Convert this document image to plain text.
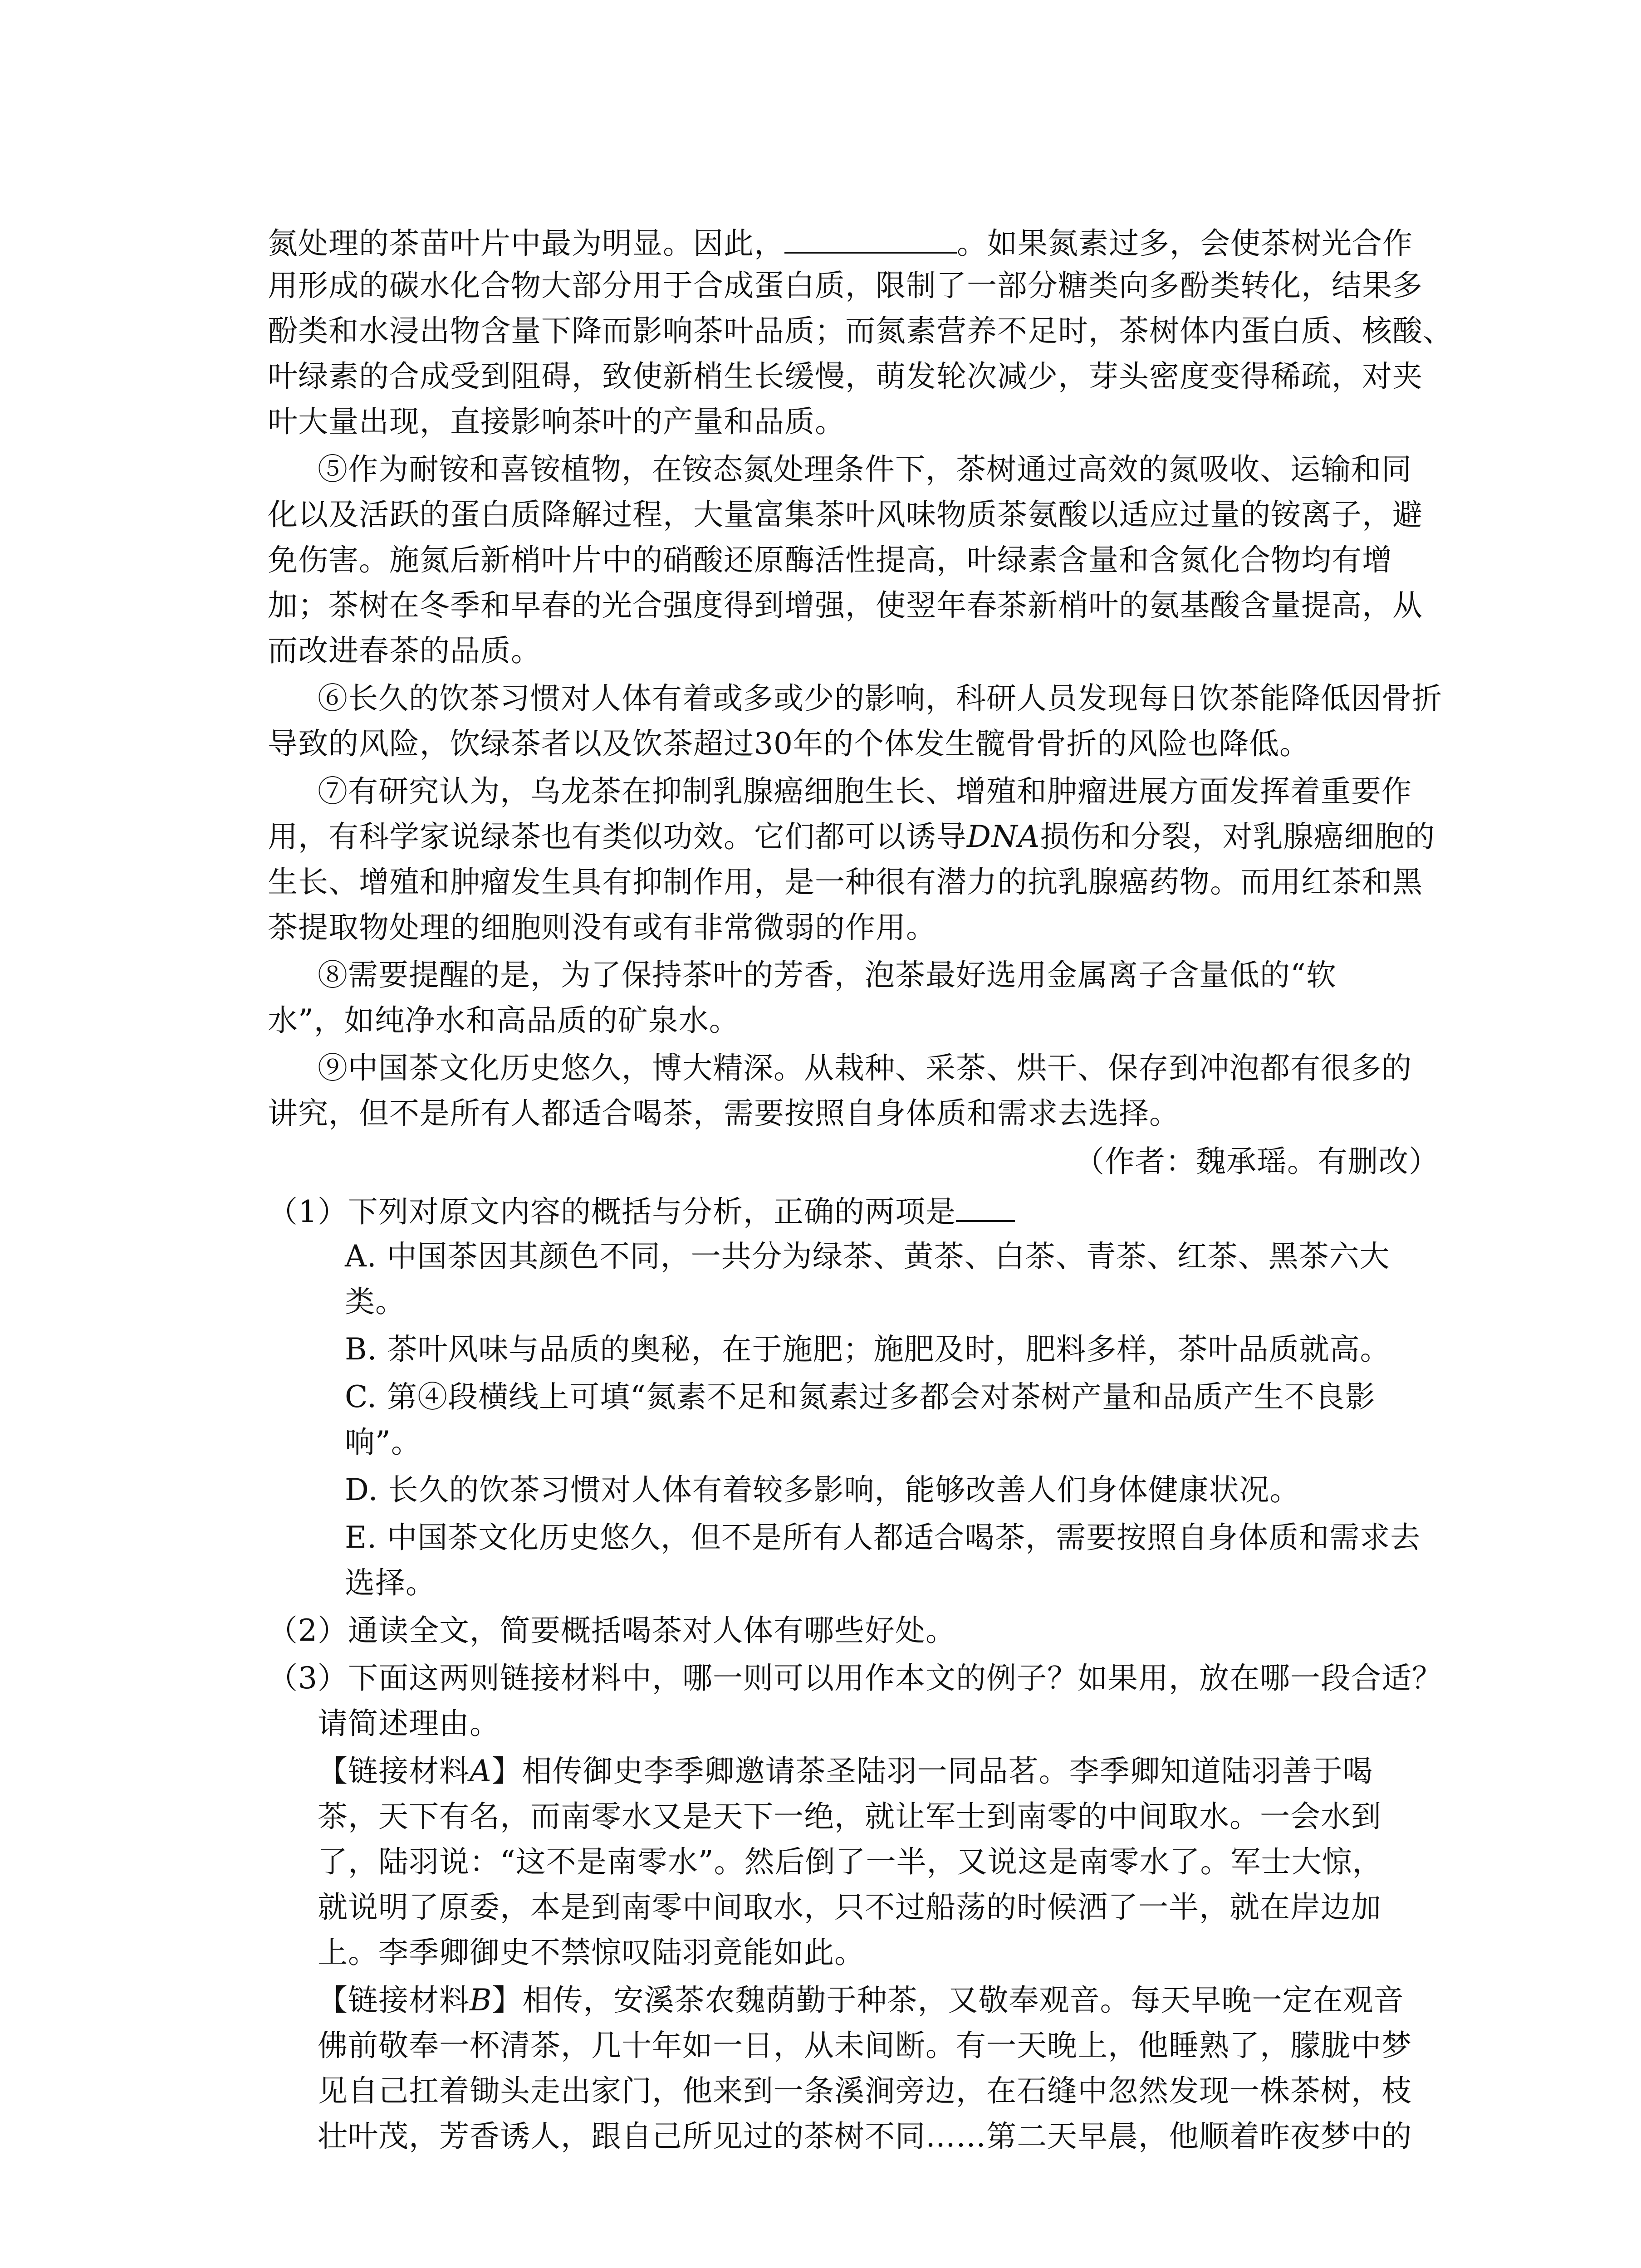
氮处理的茶苗叶片中最为明显。因此，	。如果氮素过多，会使茶树光合作
用形成的碳水化合物大部分用于合成蛋白质，限制了一部分糖类向多酚类转化，结果多
酚类和水浸出物含量下降而影响茶叶品质；而氮素营养不足时，茶树体内蛋白质、核酸、
叶绿素的合成受到阻碍，致使新梢生长缓慢，萌发轮次减少，芽头密度变得稀疏，对夹
叶大量出现，直接影响茶叶的产量和品质。
⑤作为耐铵和喜铵植物，在铵态氮处理条件下，茶树通过高效的氮吸收、运输和同
化以及活跃的蛋白质降解过程，大量富集茶叶风味物质茶氨酸以适应过量的铵离子，避
免伤害。施氮后新梢叶片中的硝酸还原酶活性提高，叶绿素含量和含氮化合物均有增
加；茶树在冬季和早春的光合强度得到增强，使翌年春茶新梢叶的氨基酸含量提高，从
而改进春茶的品质。
⑥长久的饮茶习惯对人体有着或多或少的影响，科研人员发现每日饮茶能降低因骨折
导致的风险，饮绿茶者以及饮茶超过30年的个体发生髋骨骨折的风险也降低。
⑦有研究认为，乌龙茶在抑制乳腺癌细胞生长、增殖和肿瘤进展方面发挥着重要作
用，有科学家说绿茶也有类似功效。它们都可以诱导DNA损伤和分裂，对乳腺癌细胞的
生长、增殖和肿瘤发生具有抑制作用，是一种很有潜力的抗乳腺癌药物。而用红茶和黑
茶提取物处理的细胞则没有或有非常微弱的作用。
⑧需要提醒的是，为了保持茶叶的芳香，泡茶最好选用金属离子含量低的“软
水”，如纯净水和高品质的矿泉水。
⑨中国茶文化历史悠久，博大精深。从栽种、采茶、烘干、保存到冲泡都有很多的
讲究，但不是所有人都适合喝茶，需要按照自身体质和需求去选择。
（作者：魏承瑶。有删改）
（1）下列对原文内容的概括与分析，正确的两项是
A. 中国茶因其颜色不同，一共分为绿茶、黄茶、白茶、青茶、红茶、黑茶六大
类。
B. 茶叶风味与品质的奥秘，在于施肥；施肥及时，肥料多样，茶叶品质就高。
C. 第④段横线上可填“氮素不足和氮素过多都会对茶树产量和品质产生不良影
响”。
D. 长久的饮茶习惯对人体有着较多影响，能够改善人们身体健康状况。
E. 中国茶文化历史悠久，但不是所有人都适合喝茶，需要按照自身体质和需求去
选择。
（2）通读全文，简要概括喝茶对人体有哪些好处。
（3）下面这两则链接材料中，哪一则可以用作本文的例子？如果用，放在哪一段合适？
请简述理由。
【链接材料A】相传御史李季卿邀请茶圣陆羽一同品茗。李季卿知道陆羽善于喝
茶，天下有名，而南零水又是天下一绝，就让军士到南零的中间取水。一会水到
了，陆羽说：“这不是南零水”。然后倒了一半，又说这是南零水了。军士大惊，
就说明了原委，本是到南零中间取水，只不过船荡的时候洒了一半，就在岸边加
上。李季卿御史不禁惊叹陆羽竟能如此。
【链接材料B】相传，安溪茶农魏荫勤于种茶，又敬奉观音。每天早晚一定在观音
佛前敬奉一杯清茶，几十年如一日，从未间断。有一天晚上，他睡熟了，朦胧中梦
见自己扛着锄头走出家门，他来到一条溪涧旁边，在石缝中忽然发现一株茶树，枝
壮叶茂，芳香诱人，跟自己所见过的茶树不同……第二天早晨，他顺着昨夜梦中的
